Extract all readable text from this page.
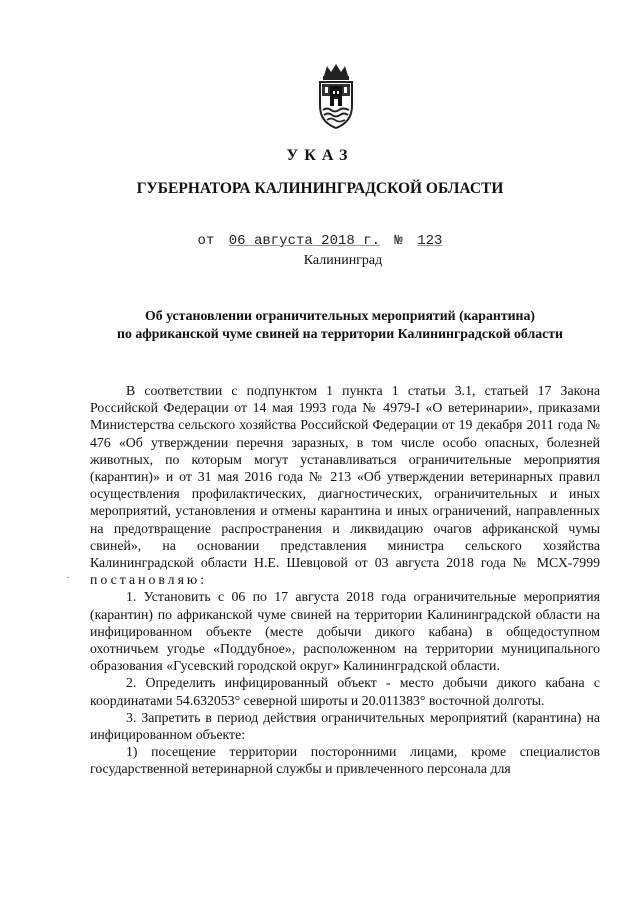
УКАЗ
ГУБЕРНАТОРА КАЛИНИНГРАДСКОЙ ОБЛАСТИ
от 06 августа 2018 г. № 123
Калининград
Об установлении ограничительных мероприятий (карантина)
по африканской чуме свиней на территории Калининградской области
·

В соответствии с подпунктом 1 пункта 1 статьи 3.1, статьей 17 Закона Российской Федерации от 14 мая 1993 года № 4979-I «О ветеринарии», приказами Министерства сельского хозяйства Российской Федерации от 19 декабря 2011 года № 476 «Об утверждении перечня заразных, в том числе особо опасных, болезней животных, по которым могут устанавливаться ограничительные мероприятия (карантин)» и от 31 мая 2016 года № 213 «Об утверждении ветеринарных правил осуществления профилактических, диагностических, ограничительных и иных мероприятий, установления и отмены карантина и иных ограничений, направленных на предотвращение распространения и ликвидацию очагов африканской чумы свиней», на основании представления министра сельского хозяйства Калининградской области Н.Е. Шевцовой от 03 августа 2018 года № МСХ-7999 постановляю:

1. Установить с 06 по 17 августа 2018 года ограничительные мероприятия (карантин) по африканской чуме свиней на территории Калининградской области на инфицированном объекте (месте добычи дикого кабана) в общедоступном охотничьем угодье «Поддубное», расположенном на территории муниципального образования «Гусевский городской округ» Калининградской области.

2. Определить инфицированный объект - место добычи дикого кабана с координатами 54.632053° северной широты и 20.011383° восточной долготы.

3. Запретить в период действия ограничительных мероприятий (карантина) на инфицированном объекте:

1) посещение территории посторонними лицами, кроме специалистов государственной ветеринарной службы и привлеченного персонала для
